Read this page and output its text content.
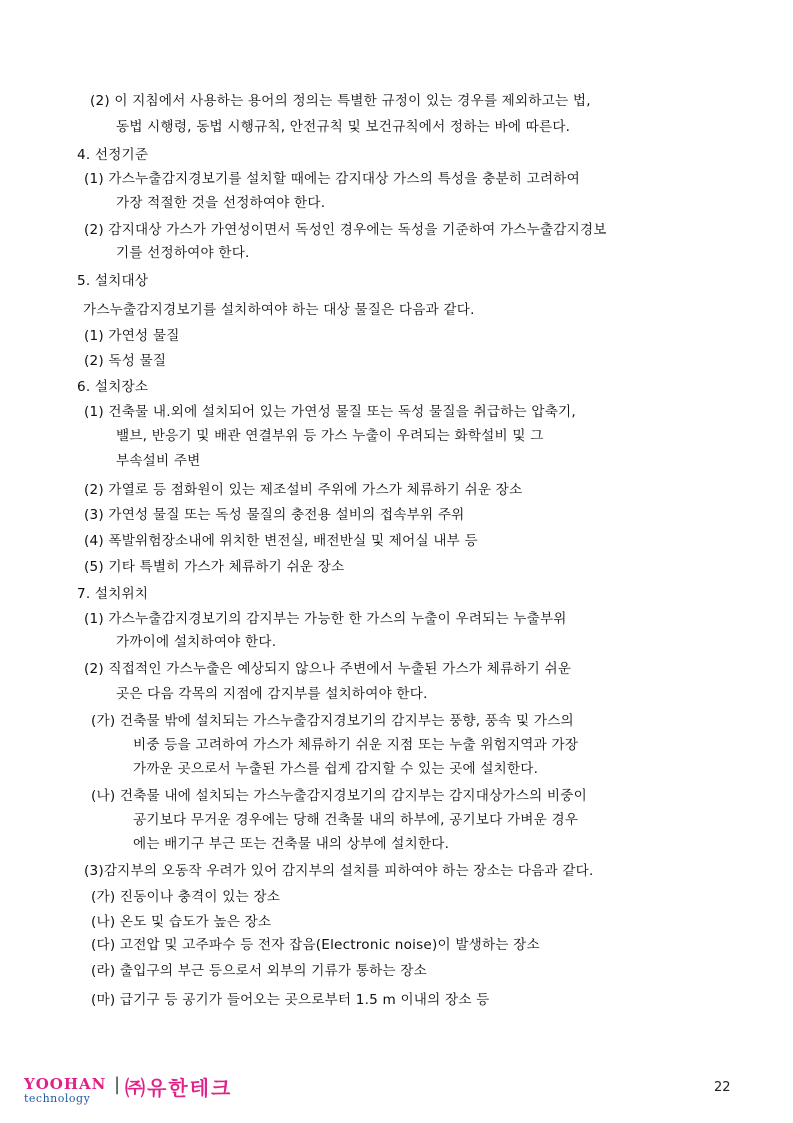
(2) 이 지침에서 사용하는 용어의 정의는 특별한 규정이 있는 경우를 제외하고는 법,
동법 시행령, 동법 시행규칙, 안전규칙 및 보건규칙에서 정하는 바에 따른다.
4. 선정기준
(1) 가스누출감지경보기를 설치할 때에는 감지대상 가스의 특성을 충분히 고려하여
가장 적절한 것을 선정하여야 한다.
(2) 감지대상 가스가 가연성이면서 독성인 경우에는 독성을 기준하여 가스누출감지경보
기를 선정하여야 한다.
5. 설치대상
가스누출감지경보기를 설치하여야 하는 대상 물질은 다음과 같다.
(1) 가연성 물질
(2) 독성 물질
6. 설치장소
(1) 건축물 내.외에 설치되어 있는 가연성 물질 또는 독성 물질을 취급하는 압축기,
밸브, 반응기 및 배관 연결부위 등 가스 누출이 우려되는 화학설비 및 그
부속설비 주변
(2) 가열로 등 점화원이 있는 제조설비 주위에 가스가 체류하기 쉬운 장소
(3) 가연성 물질 또는 독성 물질의 충전용 설비의 접속부위 주위
(4) 폭발위험장소내에 위치한 변전실, 배전반실 및 제어실 내부 등
(5) 기타 특별히 가스가 체류하기 쉬운 장소
7. 설치위치
(1) 가스누출감지경보기의 감지부는 가능한 한 가스의 누출이 우려되는 누출부위
가까이에 설치하여야 한다.
(2) 직접적인 가스누출은 예상되지 않으나 주변에서 누출된 가스가 체류하기 쉬운
곳은 다음 각목의 지점에 감지부를 설치하여야 한다.
(가) 건축물 밖에 설치되는 가스누출감지경보기의 감지부는 풍향, 풍속 및 가스의
비중 등을 고려하여 가스가 체류하기 쉬운 지점 또는 누출 위험지역과 가장
가까운 곳으로서 누출된 가스를 쉽게 감지할 수 있는 곳에 설치한다.
(나) 건축물 내에 설치되는 가스누출감지경보기의 감지부는 감지대상가스의 비중이
공기보다 무거운 경우에는 당해 건축물 내의 하부에, 공기보다 가벼운 경우
에는 배기구 부근 또는 건축물 내의 상부에 설치한다.
(3)감지부의 오동작 우려가 있어 감지부의 설치를 피하여야 하는 장소는 다음과 같다.
(가) 진동이나 충격이 있는 장소
(나) 온도 및 습도가 높은 장소
(다) 고전압 및 고주파수 등 전자 잡음(Electronic noise)이 발생하는 장소
(라) 출입구의 부근 등으로서 외부의 기류가 통하는 장소
(마) 급기구 등 공기가 들어오는 곳으로부터 1.5 m 이내의 장소 등
YOOHAN
technology
| ㈜유한테크	22
